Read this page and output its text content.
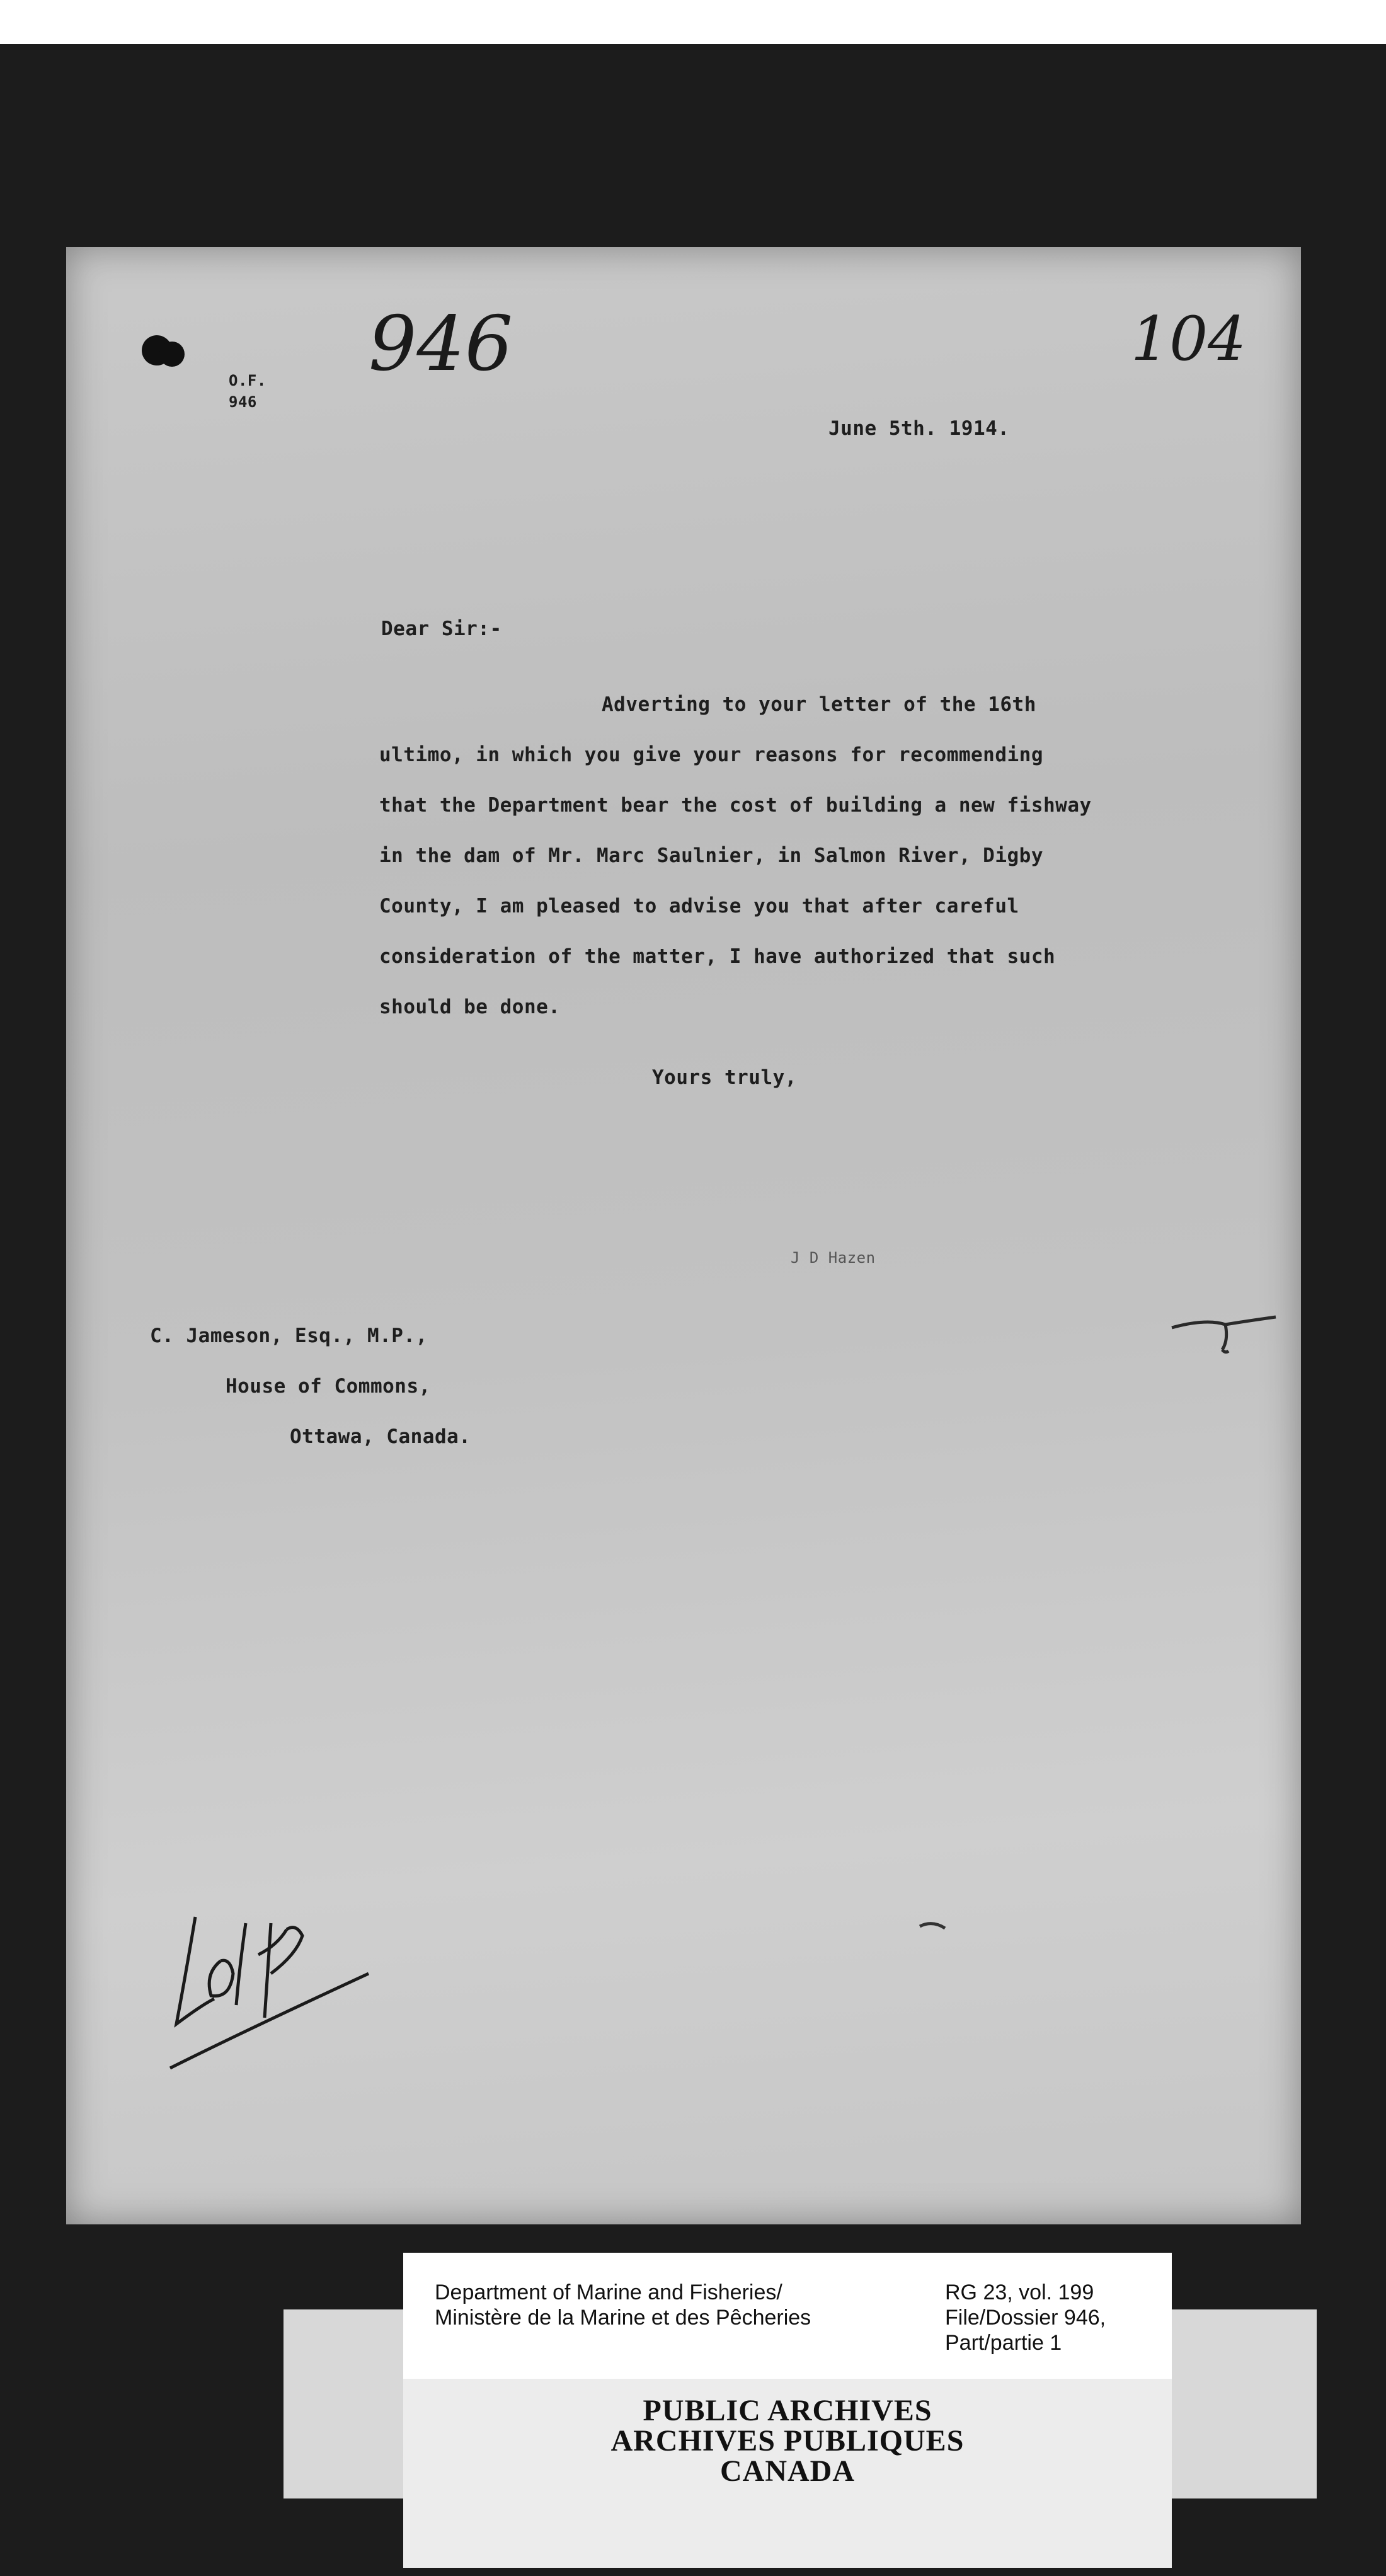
946	104
O.F.
946
June 5th. 1914.
Dear Sir:-
Adverting to your letter of the 16th
ultimo, in which you give your reasons for recommending
that the Department bear the cost of building a new fishway
in the dam of Mr. Marc Saulnier, in Salmon River, Digby
County, I am pleased to advise you that after careful
consideration of the matter, I have authorized that such
should be done.
Yours truly,
J D Hazen
C. Jameson, Esq., M.P.,
House of Commons,
Ottawa, Canada.
Department of Marine and Fisheries/
Ministère de la Marine et des Pêcheries
RG 23, vol. 199
File/Dossier 946,
Part/partie 1
PUBLIC ARCHIVES
ARCHIVES PUBLIQUES
CANADA
